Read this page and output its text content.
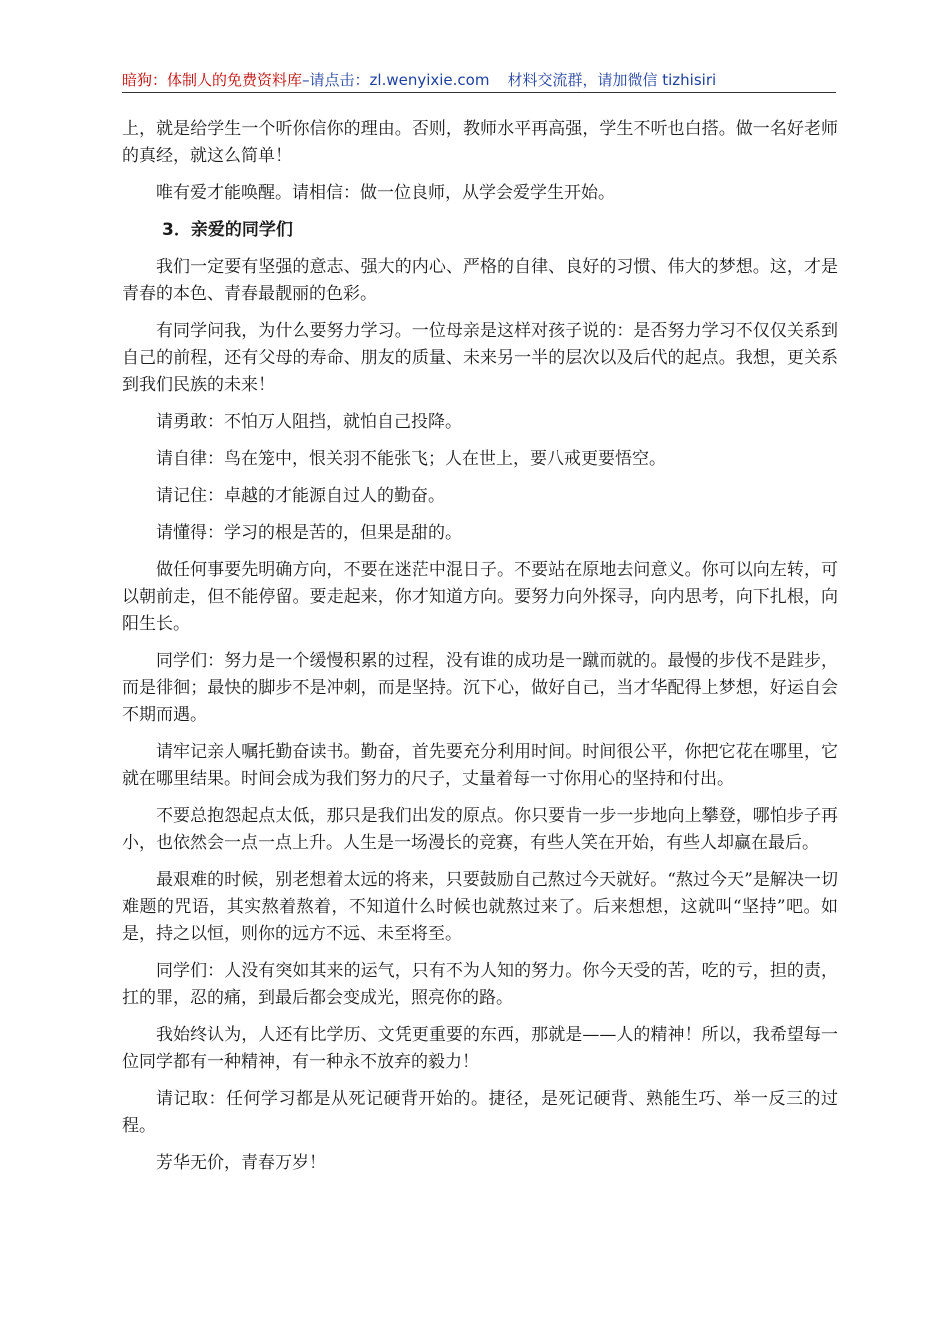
暗狗：体制人的免费资料库–请点击：zl.wenyixie.com 材料交流群，请加微信 tizhisiri

上，就是给学生一个听你信你的理由。否则，教师水平再高强，学生不听也白搭。做一名好老师的真经，就这么简单！

唯有爱才能唤醒。请相信：做一位良师，从学会爱学生开始。

3．亲爱的同学们

我们一定要有坚强的意志、强大的内心、严格的自律、良好的习惯、伟大的梦想。这，才是青春的本色、青春最靓丽的色彩。

有同学问我，为什么要努力学习。一位母亲是这样对孩子说的：是否努力学习不仅仅关系到自己的前程，还有父母的寿命、朋友的质量、未来另一半的层次以及后代的起点。我想，更关系到我们民族的未来！

请勇敢：不怕万人阻挡，就怕自己投降。

请自律：鸟在笼中，恨关羽不能张飞；人在世上，要八戒更要悟空。

请记住：卓越的才能源自过人的勤奋。

请懂得：学习的根是苦的，但果是甜的。

做任何事要先明确方向，不要在迷茫中混日子。不要站在原地去问意义。你可以向左转，可以朝前走，但不能停留。要走起来，你才知道方向。要努力向外探寻，向内思考，向下扎根，向阳生长。

同学们：努力是一个缓慢积累的过程，没有谁的成功是一蹴而就的。最慢的步伐不是跬步，而是徘徊；最快的脚步不是冲刺，而是坚持。沉下心，做好自己，当才华配得上梦想，好运自会不期而遇。

请牢记亲人嘱托勤奋读书。勤奋，首先要充分利用时间。时间很公平，你把它花在哪里，它就在哪里结果。时间会成为我们努力的尺子，丈量着每一寸你用心的坚持和付出。

不要总抱怨起点太低，那只是我们出发的原点。你只要肯一步一步地向上攀登，哪怕步子再小，也依然会一点一点上升。人生是一场漫长的竞赛，有些人笑在开始，有些人却赢在最后。

最艰难的时候，别老想着太远的将来，只要鼓励自己熬过今天就好。“熬过今天”是解决一切难题的咒语，其实熬着熬着，不知道什么时候也就熬过来了。后来想想，这就叫“坚持”吧。如是，持之以恒，则你的远方不远、未至将至。

同学们：人没有突如其来的运气，只有不为人知的努力。你今天受的苦，吃的亏，担的责，扛的罪，忍的痛，到最后都会变成光，照亮你的路。

我始终认为，人还有比学历、文凭更重要的东西，那就是——人的精神！所以，我希望每一位同学都有一种精神，有一种永不放弃的毅力！

请记取：任何学习都是从死记硬背开始的。捷径，是死记硬背、熟能生巧、举一反三的过程。

芳华无价，青春万岁！
